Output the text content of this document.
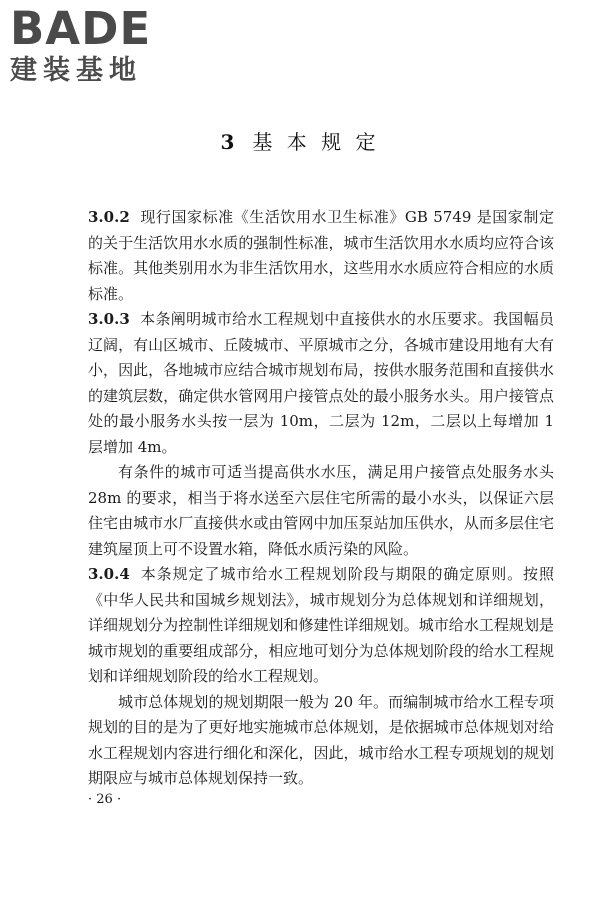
BADE
建装基地
3 基 本 规 定

3.0.2 现行国家标准《生活饮用水卫生标准》GB 5749 是国家制定的关于生活饮用水水质的强制性标准，城市生活饮用水水质均应符合该标准。其他类别用水为非生活饮用水，这些用水水质应符合相应的水质标准。

3.0.3 本条阐明城市给水工程规划中直接供水的水压要求。我国幅员辽阔，有山区城市、丘陵城市、平原城市之分，各城市建设用地有大有小，因此，各地城市应结合城市规划布局，按供水服务范围和直接供水的建筑层数，确定供水管网用户接管点处的最小服务水头。用户接管点处的最小服务水头按一层为 10m，二层为 12m，二层以上每增加 1 层增加 4m。

有条件的城市可适当提高供水水压，满足用户接管点处服务水头 28m 的要求，相当于将水送至六层住宅所需的最小水头，以保证六层住宅由城市水厂直接供水或由管网中加压泵站加压供水，从而多层住宅建筑屋顶上可不设置水箱，降低水质污染的风险。

3.0.4 本条规定了城市给水工程规划阶段与期限的确定原则。按照《中华人民共和国城乡规划法》，城市规划分为总体规划和详细规划，详细规划分为控制性详细规划和修建性详细规划。城市给水工程规划是城市规划的重要组成部分，相应地可划分为总体规划阶段的给水工程规划和详细规划阶段的给水工程规划。

城市总体规划的规划期限一般为 20 年。而编制城市给水工程专项规划的目的是为了更好地实施城市总体规划，是依据城市总体规划对给水工程规划内容进行细化和深化，因此，城市给水工程专项规划的规划期限应与城市总体规划保持一致。

· 26 ·
